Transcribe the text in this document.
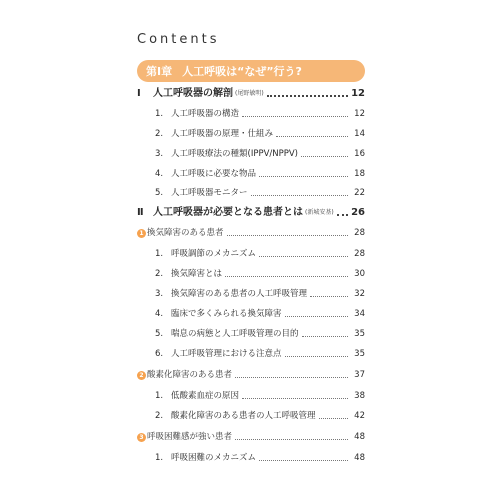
Contents
第Ⅰ章 人工呼吸は“なぜ”行う?
Ⅰ	人工呼吸器の解剖 (尾野敏明)	12
1. 人工呼吸器の構造	12
2. 人工呼吸器の原理・仕組み	14
3. 人工呼吸療法の種類(IPPV/NPPV)	16
4. 人工呼吸に必要な物品	18
5. 人工呼吸器モニター	22
Ⅱ 人工呼吸器が必要となる患者とは (新城安基) 26
1 換気障害のある患者	28
1. 呼吸調節のメカニズム	28
2. 換気障害とは	30
3. 換気障害のある患者の人工呼吸管理	32
4. 臨床で多くみられる換気障害	34
5. 喘息の病態と人工呼吸管理の目的	35
6. 人工呼吸管理における注意点	35
2 酸素化障害のある患者	37
1. 低酸素血症の原因	38
2. 酸素化障害のある患者の人工呼吸管理	42
3 呼吸困難感が強い患者	48
1. 呼吸困難のメカニズム	48
